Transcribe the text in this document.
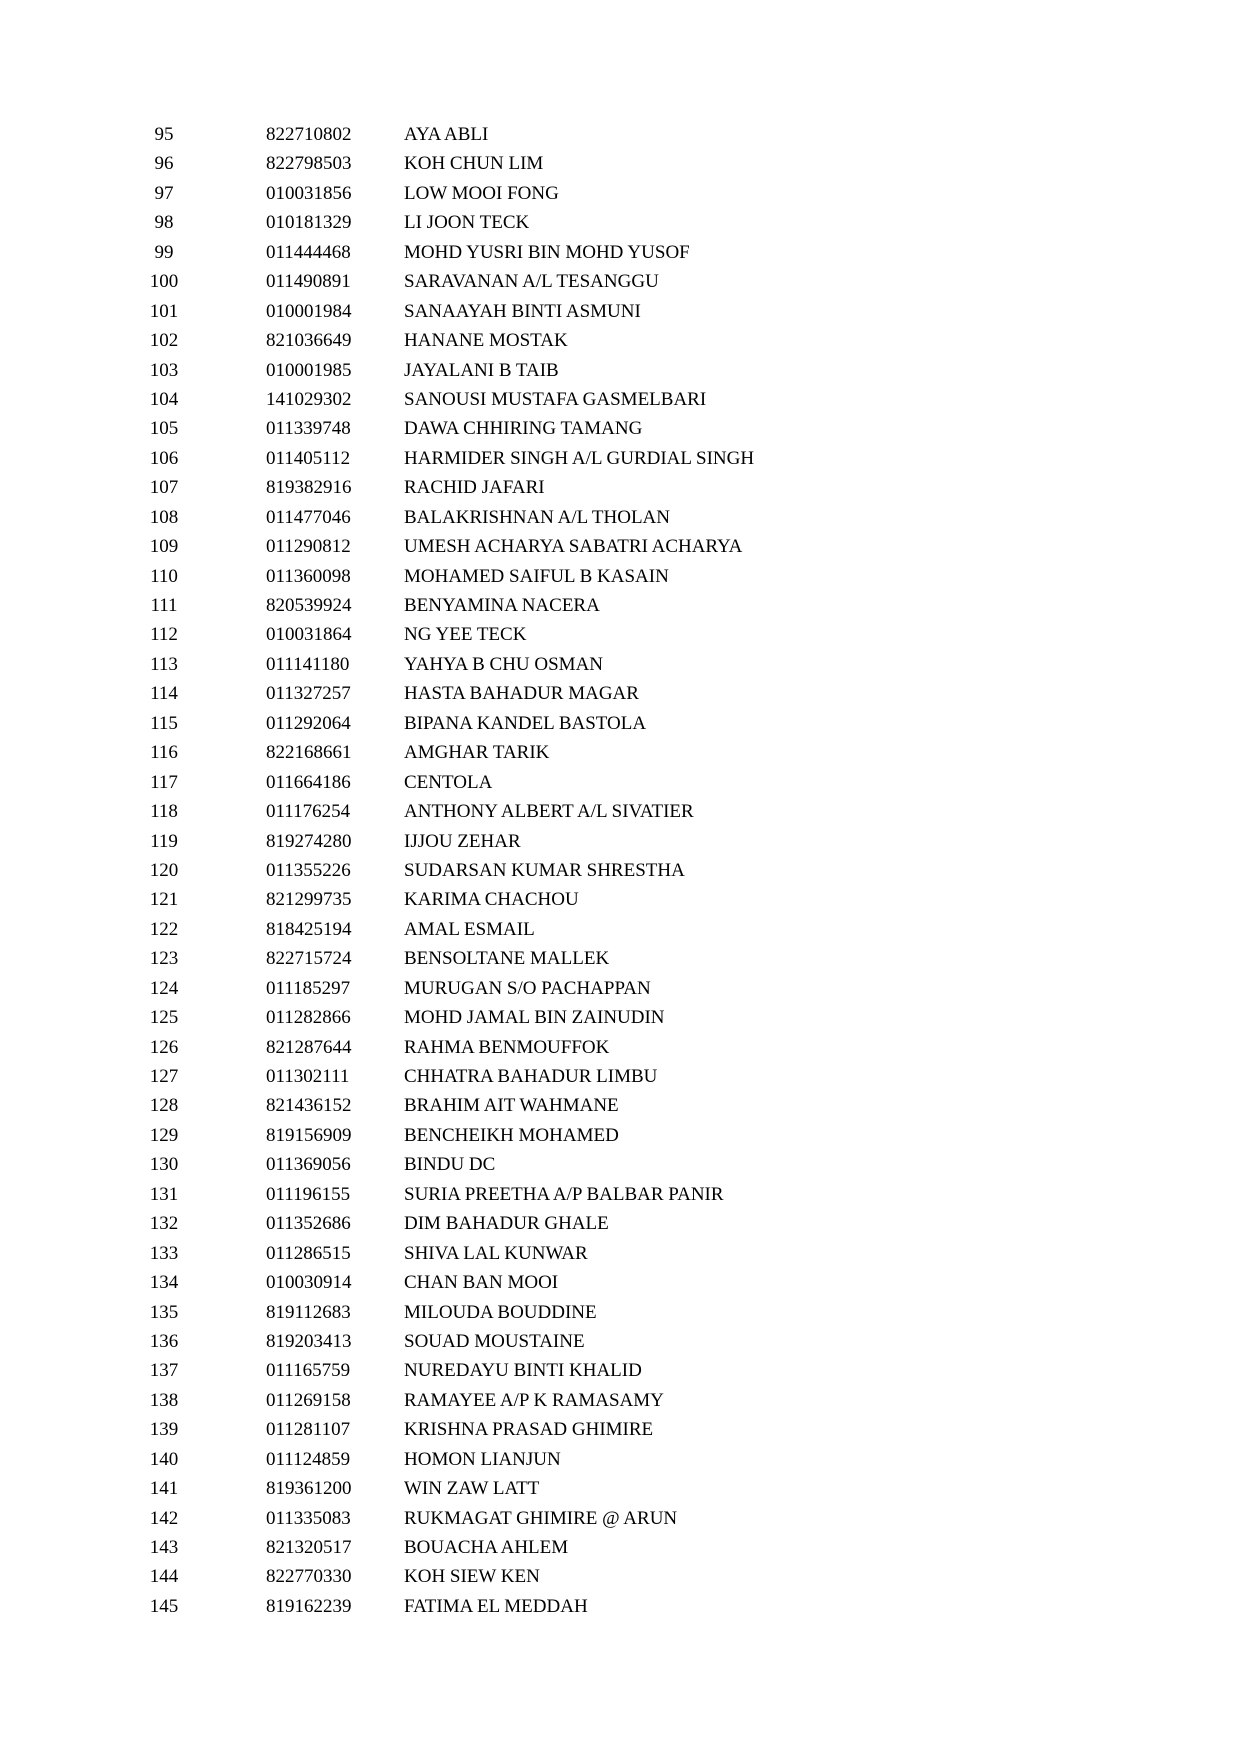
95	822710802	AYA ABLI
96	822798503	KOH CHUN LIM
97	010031856	LOW MOOI FONG
98	010181329	LI JOON TECK
99	011444468	MOHD YUSRI BIN MOHD YUSOF
100	011490891	SARAVANAN A/L TESANGGU
101	010001984	SANAAYAH BINTI ASMUNI
102	821036649	HANANE MOSTAK
103	010001985	JAYALANI B TAIB
104	141029302	SANOUSI MUSTAFA GASMELBARI
105	011339748	DAWA CHHIRING TAMANG
106	011405112	HARMIDER SINGH A/L GURDIAL SINGH
107	819382916	RACHID JAFARI
108	011477046	BALAKRISHNAN A/L THOLAN
109	011290812	UMESH ACHARYA SABATRI ACHARYA
110	011360098	MOHAMED SAIFUL B KASAIN
111	820539924	BENYAMINA NACERA
112	010031864	NG YEE TECK
113	011141180	YAHYA B CHU OSMAN
114	011327257	HASTA BAHADUR MAGAR
115	011292064	BIPANA KANDEL BASTOLA
116	822168661	AMGHAR TARIK
117	011664186	CENTOLA
118	011176254	ANTHONY ALBERT A/L SIVATIER
119	819274280	IJJOU ZEHAR
120	011355226	SUDARSAN KUMAR SHRESTHA
121	821299735	KARIMA CHACHOU
122	818425194	AMAL ESMAIL
123	822715724	BENSOLTANE MALLEK
124	011185297	MURUGAN S/O PACHAPPAN
125	011282866	MOHD JAMAL BIN ZAINUDIN
126	821287644	RAHMA BENMOUFFOK
127	011302111	CHHATRA BAHADUR LIMBU
128	821436152	BRAHIM AIT WAHMANE
129	819156909	BENCHEIKH MOHAMED
130	011369056	BINDU DC
131	011196155	SURIA PREETHA A/P BALBAR PANIR
132	011352686	DIM BAHADUR GHALE
133	011286515	SHIVA LAL KUNWAR
134	010030914	CHAN BAN MOOI
135	819112683	MILOUDA BOUDDINE
136	819203413	SOUAD MOUSTAINE
137	011165759	NUREDAYU BINTI KHALID
138	011269158	RAMAYEE A/P K RAMASAMY
139	011281107	KRISHNA PRASAD GHIMIRE
140	011124859	HOMON LIANJUN
141	819361200	WIN ZAW LATT
142	011335083	RUKMAGAT GHIMIRE @ ARUN
143	821320517	BOUACHA AHLEM
144	822770330	KOH SIEW KEN
145	819162239	FATIMA EL MEDDAH
